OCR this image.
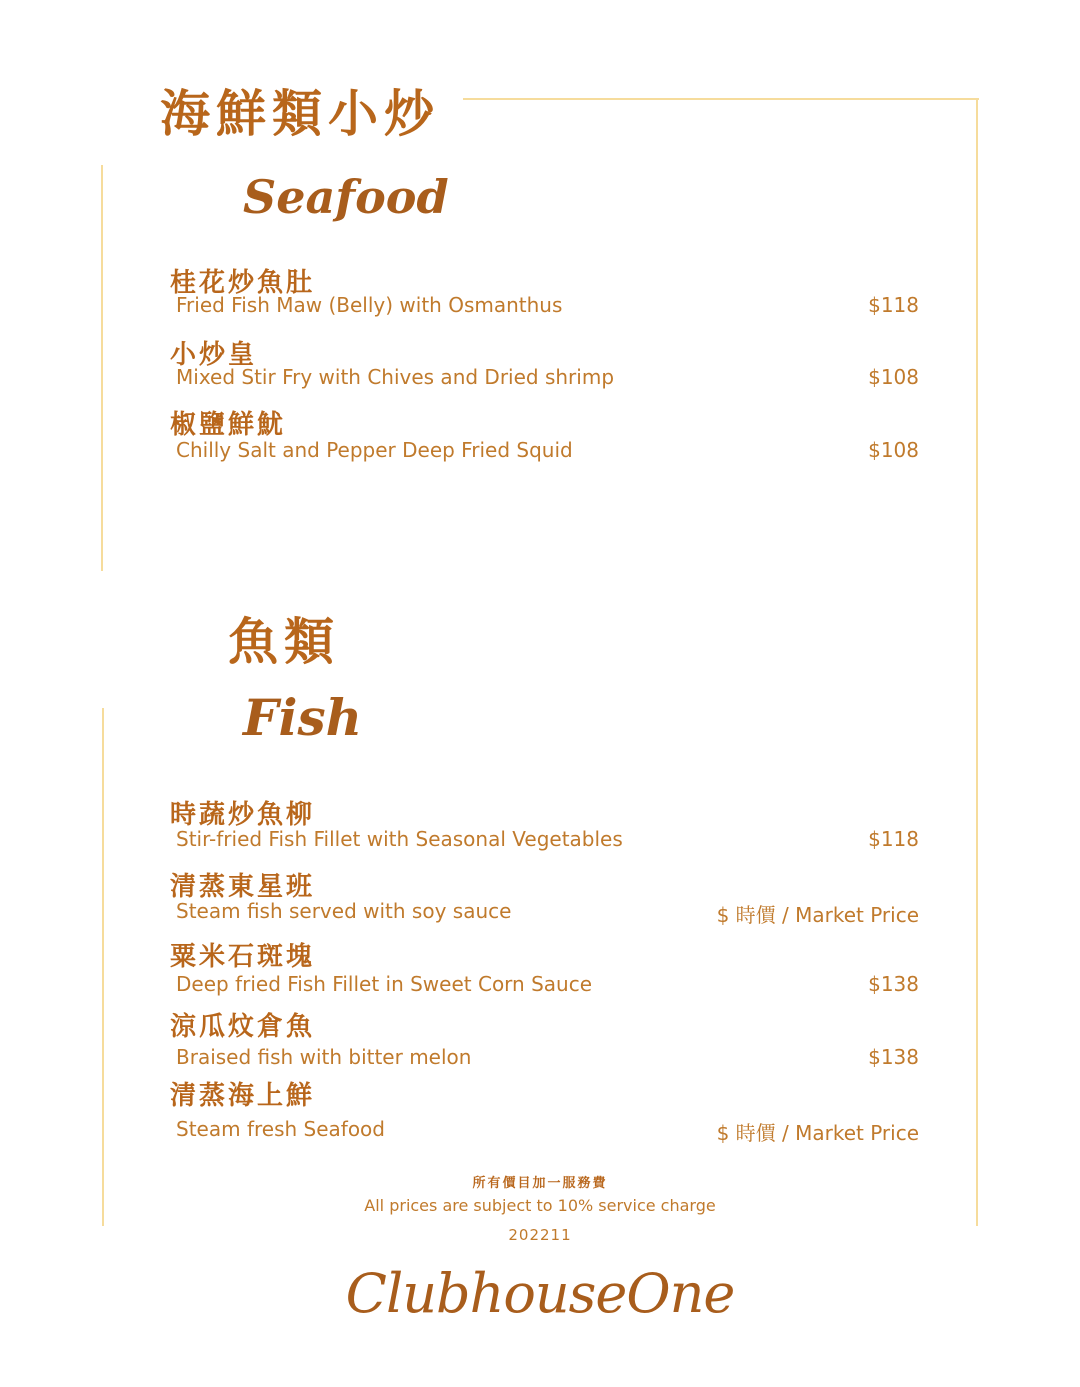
海鮮類小炒
Seafood
桂花炒魚肚
Fried Fish Maw (Belly) with Osmanthus	$118
小炒皇
Mixed Stir Fry with Chives and Dried shrimp	$108
椒鹽鮮魷
Chilly Salt and Pepper Deep Fried Squid	$108
魚類
Fish
時蔬炒魚柳
Stir-fried Fish Fillet with Seasonal Vegetables	$118
清蒸東星班
Steam fish served with soy sauce	$ 時價 / Market Price
粟米石斑塊
Deep fried Fish Fillet in Sweet Corn Sauce	$138
涼瓜炆倉魚
Braised fish with bitter melon	$138
清蒸海上鮮
Steam fresh Seafood	$ 時價 / Market Price
所有價目加一服務費
All prices are subject to 10% service charge
202211
ClubhouseOne
